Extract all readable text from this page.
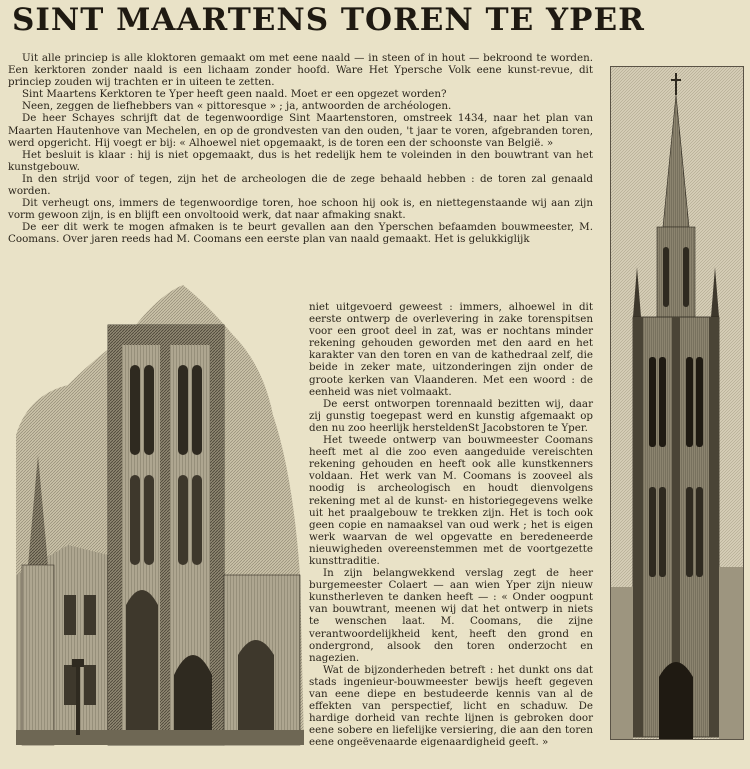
SINT MAARTENS TOREN TE YPER

Uit alle princiep is alle kloktoren gemaakt om met eene naald — in steen of in hout — bekroond te worden. Een kerktoren zonder naald is een lichaam zonder hoofd. Ware Het Ypersche Volk eene kunst-revue, dit princiep zouden wij trachten er in uiteen te zetten.

Sint Maartens Kerktoren te Yper heeft geen naald. Moet er een opgezet worden?

Neen, zeggen de liefhebbers van « pittoresque » ; ja, antwoorden de archéologen.

De heer Schayes schrijft dat de tegenwoordige Sint Maartenstoren, omstreek 1434, naar het plan van Maarten Hautenhove van Mechelen, en op de grondvesten van den ouden, 't jaar te voren, afgebranden toren, werd opgericht. Hij voegt er bij: « Alhoewel niet opgemaakt, is de toren een der schoonste van België. »

Het besluit is klaar : hij is niet opgemaakt, dus is het redelijk hem te voleinden in den bouwtrant van het kunstgebouw.

In den strijd voor of tegen, zijn het de archeologen die de zege behaald hebben : de toren zal genaald worden.

Dit verheugt ons, immers de tegenwoordige toren, hoe schoon hij ook is, en niettegenstaande wij aan zijn vorm gewoon zijn, is en blijft een onvoltooid werk, dat naar afmaking snakt.

De eer dit werk te mogen afmaken is te beurt gevallen aan den Yperschen befaamden bouwmeester, M. Coomans. Over jaren reeds had M. Coomans een eerste plan van naald gemaakt. Het is gelukkiglijk

niet uitgevoerd geweest : immers, alhoewel in dit eerste ontwerp de overlevering in zake torenspitsen voor een groot deel in zat, was er nochtans minder rekening gehouden geworden met den aard en het karakter van den toren en van de kathedraal zelf, die beide in zeker mate, uitzonderingen zijn onder de groote kerken van Vlaanderen. Met een woord : de eenheid was niet volmaakt.

De eerst ontworpen torennaald bezitten wij, daar zij gunstig toegepast werd en kunstig afgemaakt op den nu zoo heerlijk hersteldenSt Jacobstoren te Yper.

Het tweede ontwerp van bouwmeester Coomans heeft met al die zoo even aangeduide vereischten rekening gehouden en heeft ook alle kunstkenners voldaan. Het werk van M. Coomans is zooveel als noodig is archeologisch en houdt dienvolgens rekening met al de kunst- en historiegegevens welke uit het praalgebouw te trekken zijn. Het is toch ook geen copie en namaaksel van oud werk ; het is eigen werk waarvan de wel opgevatte en beredeneerde nieuwigheden overeenstemmen met de voortgezette kunsttraditie.

In zijn belangwekkend verslag zegt de heer burgemeester Colaert — aan wien Yper zijn nieuw kunstherleven te danken heeft — : « Onder oogpunt van bouwtrant, meenen wij dat het ontwerp in niets te wenschen laat. M. Coomans, die zijne verantwoordelijkheid kent, heeft den grond en ondergrond, alsook den toren onderzocht en nagezien.

Wat de bijzonderheden betreft : het dunkt ons dat stads ingenieur-bouwmeester bewijs heeft gegeven van eene diepe en bestudeerde kennis van al de effekten van perspectief, licht en schaduw. De hardige dorheid van rechte lijnen is gebroken door eene sobere en liefelijke versiering, die aan den toren eene ongeëvenaarde eigenaardigheid geeft. »
